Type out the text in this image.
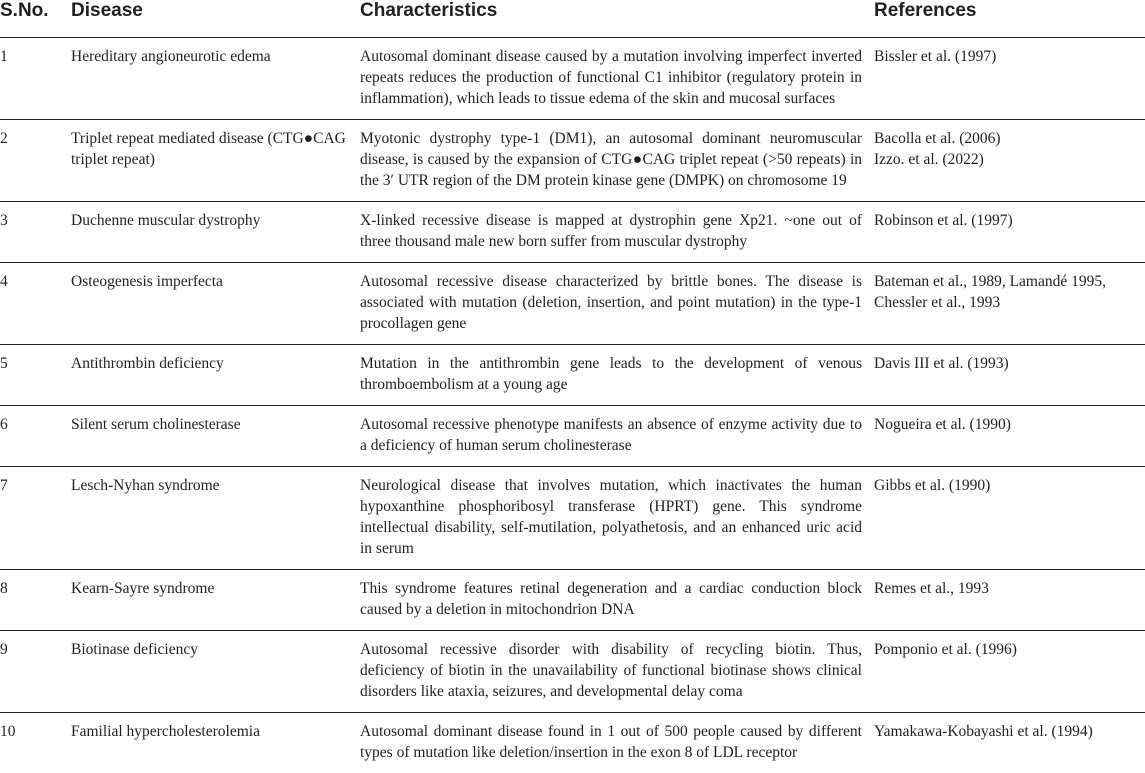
S.No.	Disease	Characteristics	References
1	Hereditary angioneurotic edema	Autosomal dominant disease caused by a mutation involving imperfect inverted repeats reduces the production of functional C1 inhibitor (regulatory protein in inflammation), which leads to tissue edema of the skin and mucosal surfaces	Bissler et al. (1997)

2	Triplet repeat mediated disease (CTG●CAG triplet repeat)	Myotonic dystrophy type-1 (DM1), an autosomal dominant neuromuscular disease, is caused by the expansion of CTG●CAG triplet repeat (>50 repeats) in the 3′ UTR region of the DM protein kinase gene (DMPK) on chromosome 19	Bacolla et al. (2006)
Izzo. et al. (2022)

3	Duchenne muscular dystrophy	X-linked recessive disease is mapped at dystrophin gene Xp21. ~one out of three thousand male new born suffer from muscular dystrophy	Robinson et al. (1997)

4	Osteogenesis imperfecta	Autosomal recessive disease characterized by brittle bones. The disease is associated with mutation (deletion, insertion, and point mutation) in the type-1 procollagen gene	Bateman et al., 1989, Lamandé 1995, Chessler et al., 1993

5	Antithrombin deficiency	Mutation in the antithrombin gene leads to the development of venous thromboembolism at a young age	Davis III et al. (1993)

6	Silent serum cholinesterase	Autosomal recessive phenotype manifests an absence of enzyme activity due to a deficiency of human serum cholinesterase	Nogueira et al. (1990)

7	Lesch-Nyhan syndrome	Neurological disease that involves mutation, which inactivates the human hypoxanthine phosphoribosyl transferase (HPRT) gene. This syndrome intellectual disability, self-mutilation, polyathetosis, and an enhanced uric acid in serum	Gibbs et al. (1990)

8	Kearn-Sayre syndrome	This syndrome features retinal degeneration and a cardiac conduction block caused by a deletion in mitochondrion DNA	Remes et al., 1993

9	Biotinase deficiency	Autosomal recessive disorder with disability of recycling biotin. Thus, deficiency of biotin in the unavailability of functional biotinase shows clinical disorders like ataxia, seizures, and developmental delay coma	Pomponio et al. (1996)

10	Familial hypercholesterolemia	Autosomal dominant disease found in 1 out of 500 people caused by different types of mutation like deletion/insertion in the exon 8 of LDL receptor	Yamakawa-Kobayashi et al. (1994)
